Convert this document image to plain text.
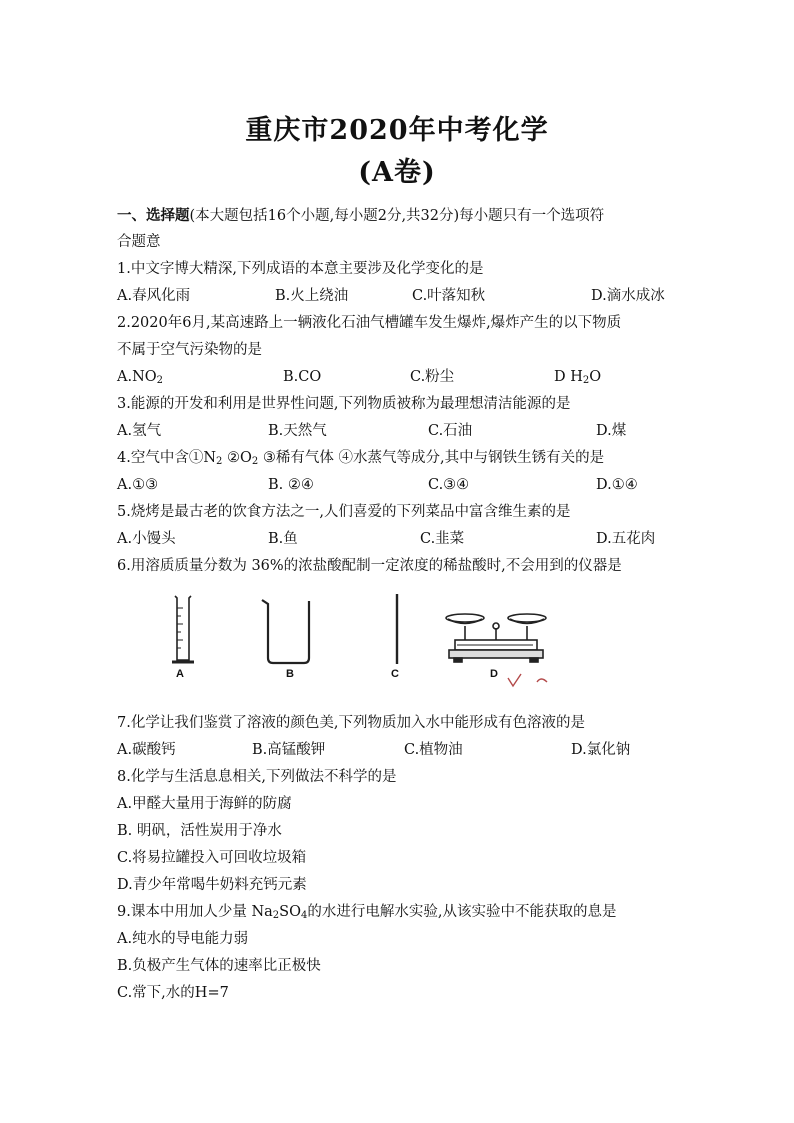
重庆市2020年中考化学
(A卷)
一、选择题(本大题包括16个小题,每小题2分,共32分)每小题只有一个选项符
合题意
1.中文字博大精深,下列成语的本意主要涉及化学变化的是
A.春风化雨	B.火上绕油	C.叶落知秋	D.滴水成冰
2.2020年6月,某高速路上一辆液化石油气槽罐车发生爆炸,爆炸产生的以下物质
不属于空气污染物的是
$A.NO_2$	B.CO	C.粉尘	D $H_2O$
3.能源的开发和利用是世界性问题,下列物质被称为最理想清洁能源的是
A.氢气	B.天然气	C.石油	D.煤
4.空气中含$①N_2$ $②O_2$ ③稀有气体 ④水蒸气等成分,其中与钢铁生锈有关的是
A.①③	B. ②④	C.③④	D.①④
5.烧烤是最古老的饮食方法之一,人们喜爱的下列菜品中富含维生素的是
A.小馒头	B.鱼	C.韭菜	D.五花肉
6.用溶质质量分数为 36%的浓盐酸配制一定浓度的稀盐酸时,不会用到的仪器是
A	B	C	D
7.化学让我们鉴赏了溶液的颜色美,下列物质加入水中能形成有色溶液的是
A.碳酸钙	B.高锰酸钾	C.植物油	D.氯化钠
8.化学与生活息息相关,下列做法不科学的是
A.甲醛大量用于海鲜的防腐
B. 明矾，活性炭用于净水
C.将易拉罐投入可回收垃圾箱
D.青少年常喝牛奶料充钙元素
9.课本中用加人少量 $Na_2SO_4$的水进行电解水实验,从该实验中不能获取的息是
A.纯水的导电能力弱
B.负极产生气体的速率比正极快
C.常下,水的H=7
